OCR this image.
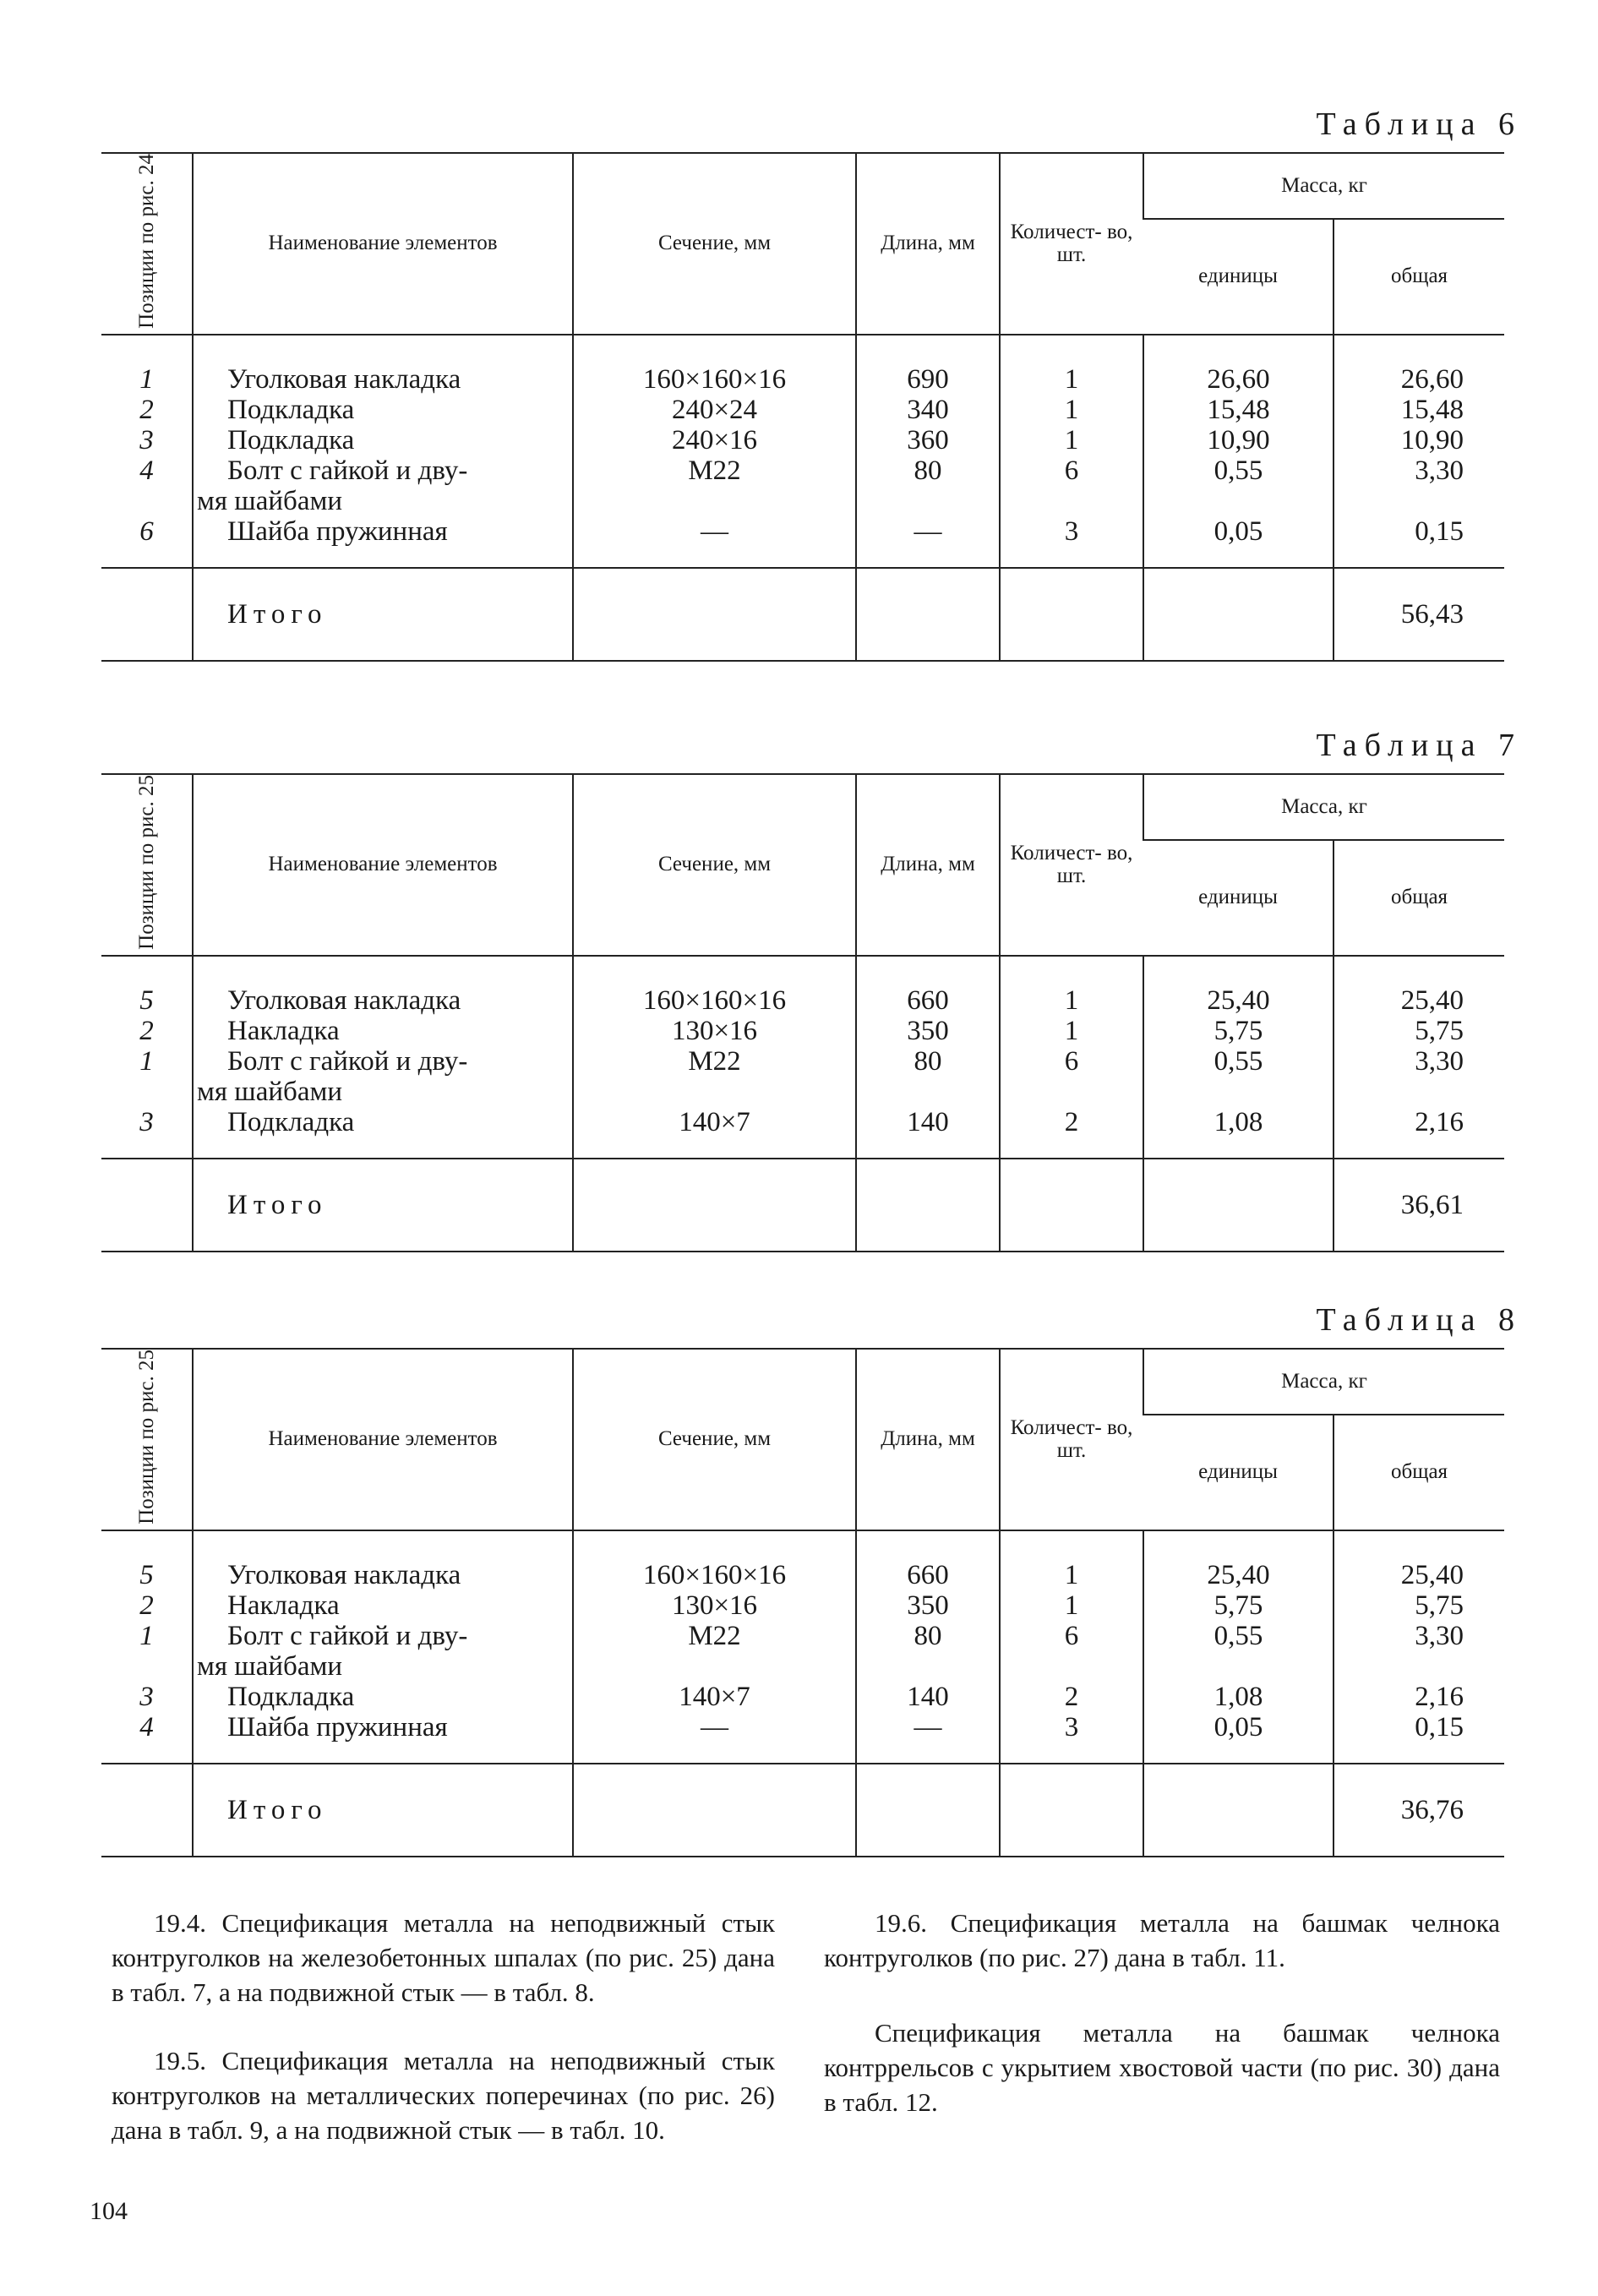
Таблица 6
Позиции по рис. 24	Наименование элементов	Сечение, мм	Длина, мм	Количест- во, шт.	Масса, кг	
					единицы	общая
1	Уголковая накладка	160×160×16	690	1	26,60	26,60
2	Подкладка	240×24	340	1	15,48	15,48
3	Подкладка	240×16	360	1	10,90	10,90
4	Болт с гайкой и дву-	M22	80	6	0,55	3,30
	мя шайбами					
6	Шайба пружинная	—	—	3	0,05	0,15
	Итого					56,43
Таблица 7
Позиции по рис. 25	Наименование элементов	Сечение, мм	Длина, мм	Количест- во, шт.	Масса, кг	
					единицы	общая
5	Уголковая накладка	160×160×16	660	1	25,40	25,40
2	Накладка	130×16	350	1	5,75	5,75
1	Болт с гайкой и дву-	M22	80	6	0,55	3,30
	мя шайбами					
3	Подкладка	140×7	140	2	1,08	2,16
	Итого					36,61
Таблица 8
Позиции по рис. 25	Наименование элементов	Сечение, мм	Длина, мм	Количест- во, шт.	Масса, кг	
					единицы	общая
5	Уголковая накладка	160×160×16	660	1	25,40	25,40
2	Накладка	130×16	350	1	5,75	5,75
1	Болт с гайкой и дву-	M22	80	6	0,55	3,30
	мя шайбами					
3	Подкладка	140×7	140	2	1,08	2,16
4	Шайба пружинная	—	—	3	0,05	0,15
	Итого					36,76
19.4. Спецификация металла на неподвижный стык контруголков на железобетонных шпалах (по рис. 25) дана в табл. 7, а на подвижной стык — в табл. 8.
19.5. Спецификация металла на неподвижный стык контруголков на металлических поперечинах (по рис. 26) дана в табл. 9, а на подвижной стык — в табл. 10.
19.6. Спецификация металла на башмак челнока контруголков (по рис. 27) дана в табл. 11.
Спецификация металла на башмак челнока контррельсов с укрытием хвостовой части (по рис. 30) дана в табл. 12.
104
